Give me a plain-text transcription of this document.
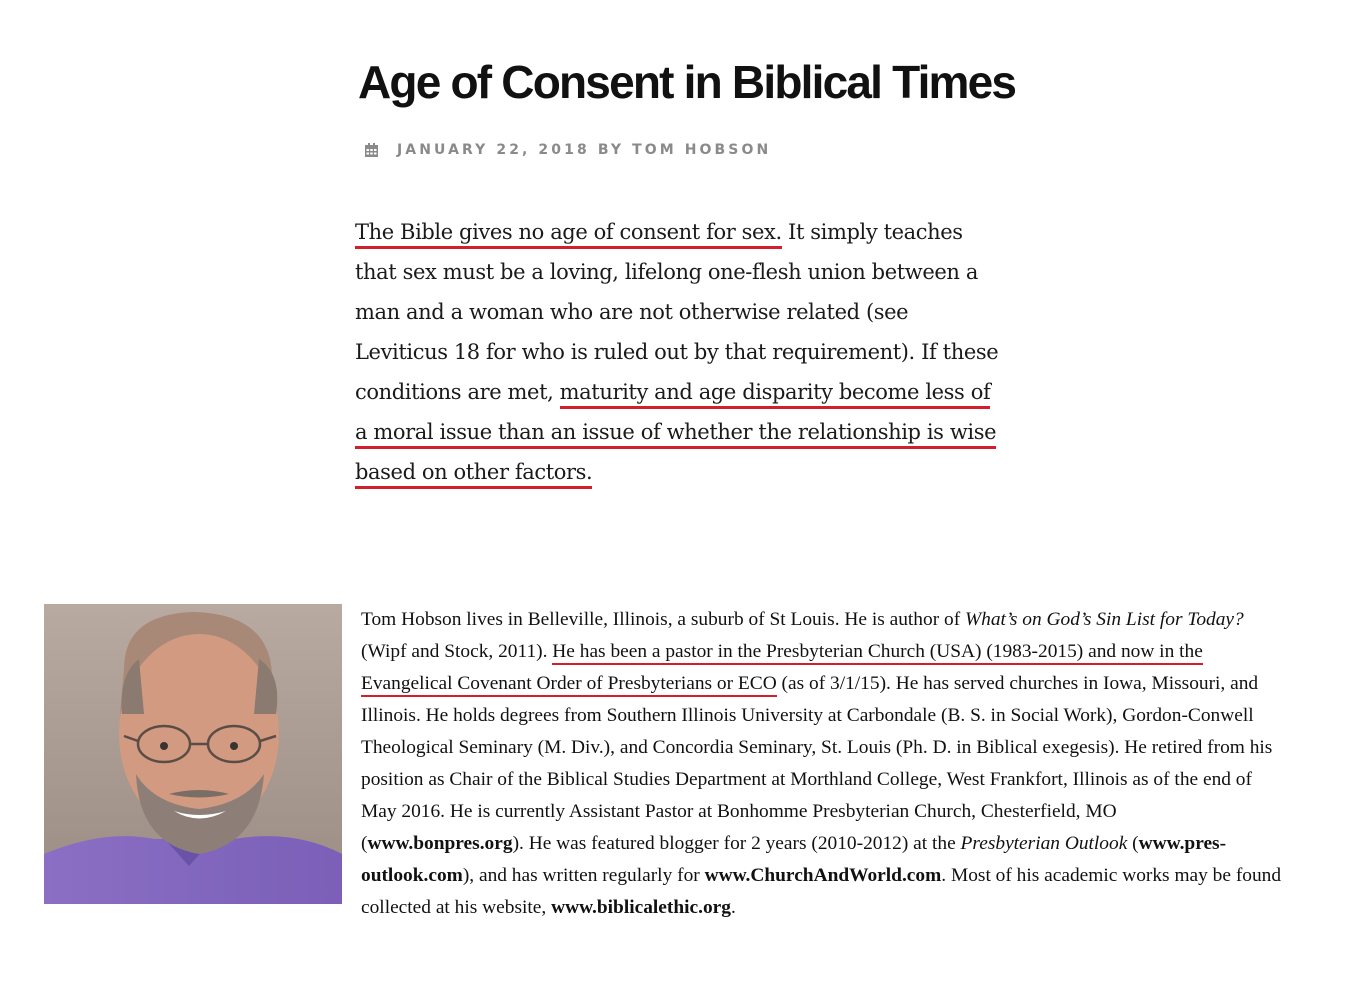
Age of Consent in Biblical Times
JANUARY 22, 2018 BY TOM HOBSON

The Bible gives no age of consent for sex. It simply teaches that sex must be a loving, lifelong one-flesh union between a man and a woman who are not otherwise related (see Leviticus 18 for who is ruled out by that requirement). If these conditions are met, maturity and age disparity become less of a moral issue than an issue of whether the relationship is wise based on other factors.

Tom Hobson lives in Belleville, Illinois, a suburb of St Louis. He is author of What’s on God’s Sin List for Today? (Wipf and Stock, 2011). He has been a pastor in the Presbyterian Church (USA) (1983-2015) and now in the Evangelical Covenant Order of Presbyterians or ECO (as of 3/1/15). He has served churches in Iowa, Missouri, and Illinois. He holds degrees from Southern Illinois University at Carbondale (B. S. in Social Work), Gordon-Conwell Theological Seminary (M. Div.), and Concordia Seminary, St. Louis (Ph. D. in Biblical exegesis). He retired from his position as Chair of the Biblical Studies Department at Morthland College, West Frankfort, Illinois as of the end of May 2016. He is currently Assistant Pastor at Bonhomme Presbyterian Church, Chesterfield, MO (www.bonpres.org). He was featured blogger for 2 years (2010-2012) at the Presbyterian Outlook (www.pres-outlook.com), and has written regularly for www.ChurchAndWorld.com. Most of his academic works may be found collected at his website, www.biblicalethic.org.
